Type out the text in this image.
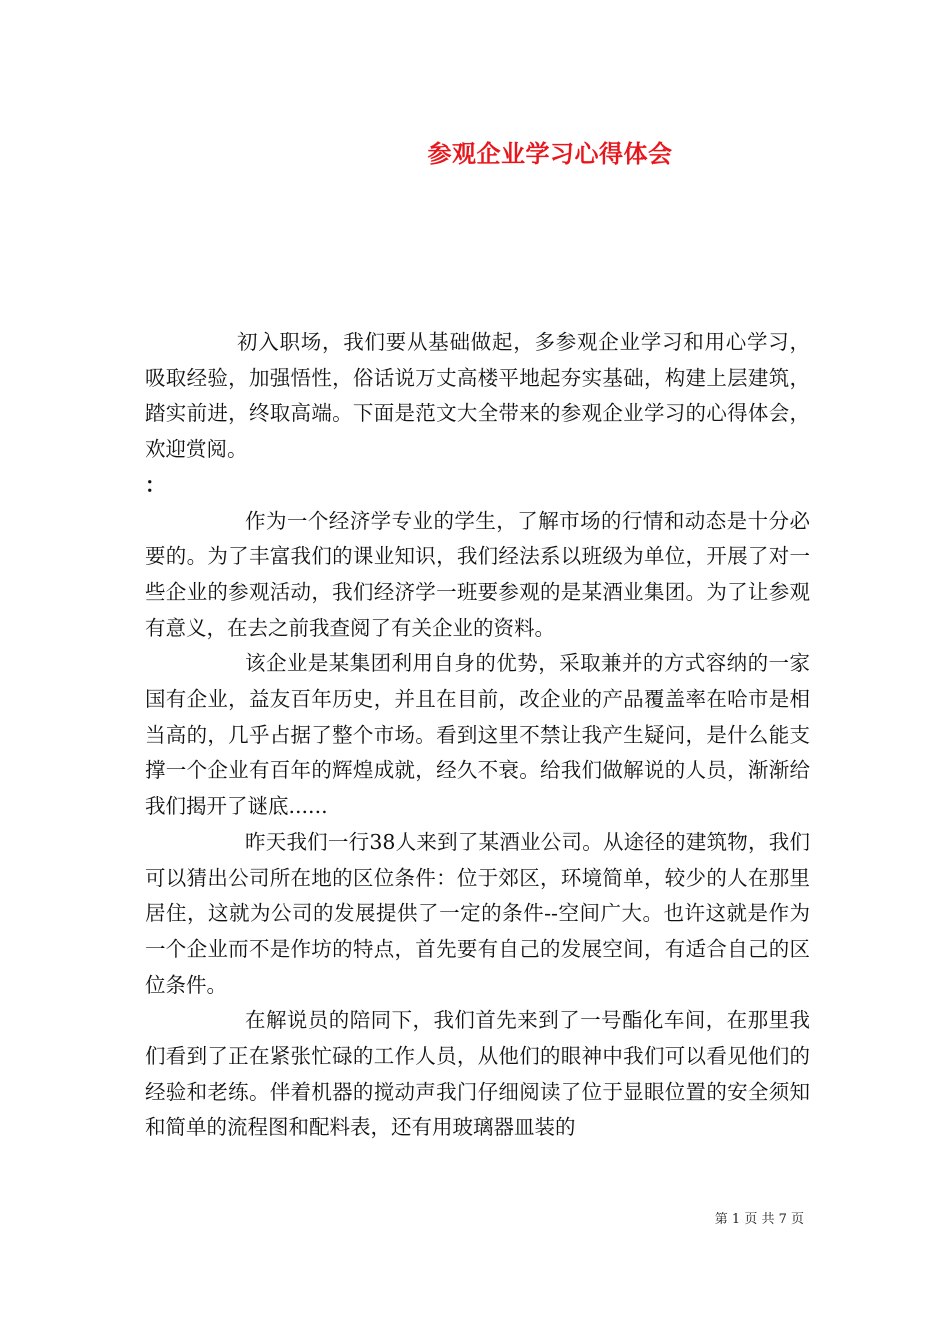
参观企业学习心得体会

初入职场，我们要从基础做起，多参观企业学习和用心学习，吸取经验，加强悟性，俗话说万丈高楼平地起夯实基础，构建上层建筑，踏实前进，终取高端。下面是范文大全带来的参观企业学习的心得体会，欢迎赏阅。

：

作为一个经济学专业的学生，了解市场的行情和动态是十分必要的。为了丰富我们的课业知识，我们经法系以班级为单位，开展了对一些企业的参观活动，我们经济学一班要参观的是某酒业集团。为了让参观有意义，在去之前我查阅了有关企业的资料。

该企业是某集团利用自身的优势，采取兼并的方式容纳的一家国有企业，益友百年历史，并且在目前，改企业的产品覆盖率在哈市是相当高的，几乎占据了整个市场。看到这里不禁让我产生疑问，是什么能支撑一个企业有百年的辉煌成就，经久不衰。给我们做解说的人员，渐渐给我们揭开了谜底......

昨天我们一行38人来到了某酒业公司。从途径的建筑物，我们可以猜出公司所在地的区位条件：位于郊区，环境简单，较少的人在那里居住，这就为公司的发展提供了一定的条件--空间广大。也许这就是作为一个企业而不是作坊的特点，首先要有自己的发展空间，有适合自己的区位条件。

在解说员的陪同下，我们首先来到了一号酯化车间，在那里我们看到了正在紧张忙碌的工作人员，从他们的眼神中我们可以看见他们的经验和老练。伴着机器的搅动声我门仔细阅读了位于显眼位置的安全须知和简单的流程图和配料表，还有用玻璃器皿装的

第 1 页 共 7 页
